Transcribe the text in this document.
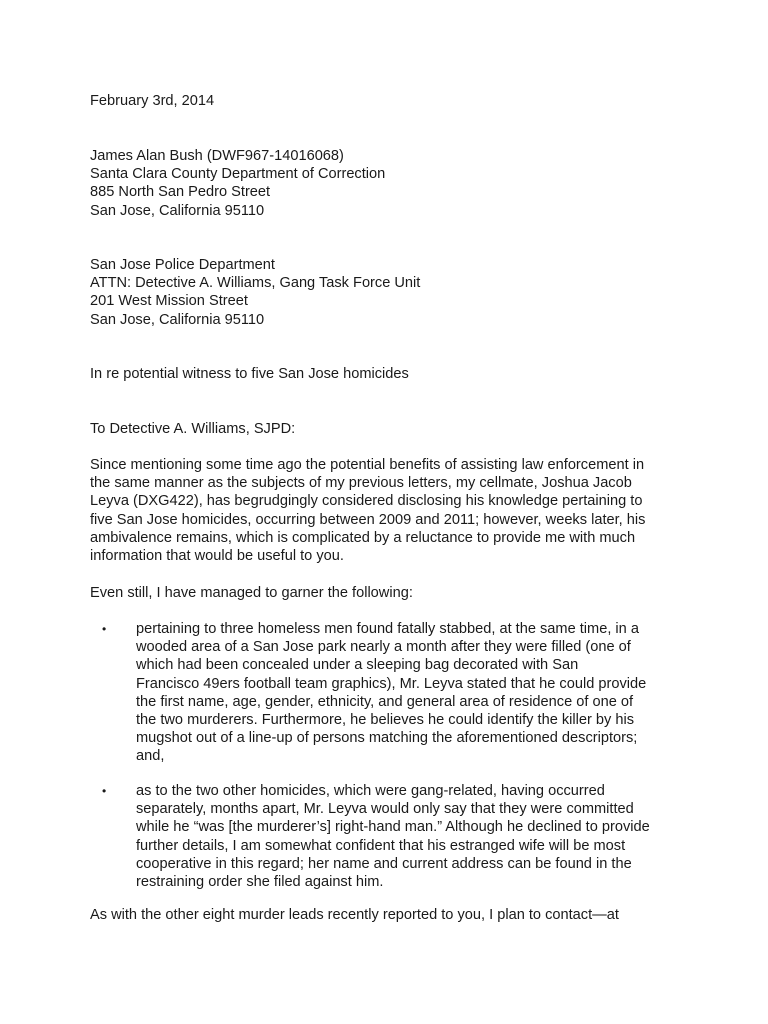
February 3rd, 2014
James Alan Bush (DWF967-14016068)
Santa Clara County Department of Correction
885 North San Pedro Street
San Jose, California 95110
San Jose Police Department
ATTN: Detective A. Williams, Gang Task Force Unit
201 West Mission Street
San Jose, California 95110
In re potential witness to five San Jose homicides
To Detective A. Williams, SJPD:
Since mentioning some time ago the potential benefits of assisting law enforcement in
the same manner as the subjects of my previous letters, my cellmate, Joshua Jacob
Leyva (DXG422), has begrudgingly considered disclosing his knowledge pertaining to
five San Jose homicides, occurring between 2009 and 2011; however, weeks later, his
ambivalence remains, which is complicated by a reluctance to provide me with much
information that would be useful to you.
Even still, I have managed to garner the following:
• pertaining to three homeless men found fatally stabbed, at the same time, in a
wooded area of a San Jose park nearly a month after they were filled (one of
which had been concealed under a sleeping bag decorated with San
Francisco 49ers football team graphics), Mr. Leyva stated that he could provide
the first name, age, gender, ethnicity, and general area of residence of one of
the two murderers. Furthermore, he believes he could identify the killer by his
mugshot out of a line-up of persons matching the aforementioned descriptors;
and,
• as to the two other homicides, which were gang-related, having occurred
separately, months apart, Mr. Leyva would only say that they were committed
while he “was [the murderer’s] right-hand man.” Although he declined to provide
further details, I am somewhat confident that his estranged wife will be most
cooperative in this regard; her name and current address can be found in the
restraining order she filed against him.
As with the other eight murder leads recently reported to you, I plan to contact—at
